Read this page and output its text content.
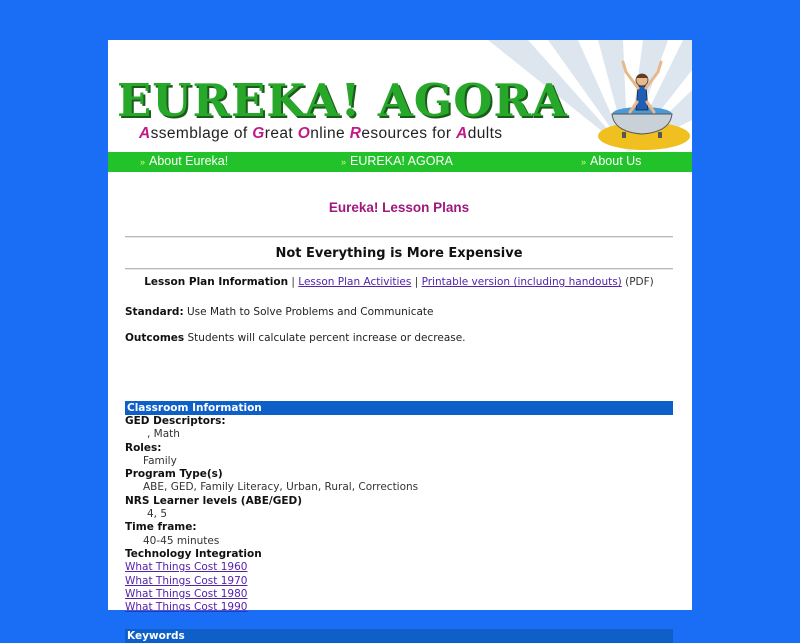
EUREKA! AGORA
Assemblage of Great Online Resources for Adults
» About Eureka!	» EUREKA! AGORA	» About Us
Eureka! Lesson Plans
Not Everything is More Expensive
Lesson Plan Information | Lesson Plan Activities | Printable version (including handouts) (PDF)
Standard: Use Math to Solve Problems and Communicate
Outcomes Students will calculate percent increase or decrease.
Classroom Information
GED Descriptors:
, Math
Roles:
Family
Program Type(s)
ABE, GED, Family Literacy, Urban, Rural, Corrections
NRS Learner levels (ABE/GED)
4, 5
Time frame:
40-45 minutes
Technology Integration
What Things Cost 1960
What Things Cost 1970
What Things Cost 1980
What Things Cost 1990
Keywords
